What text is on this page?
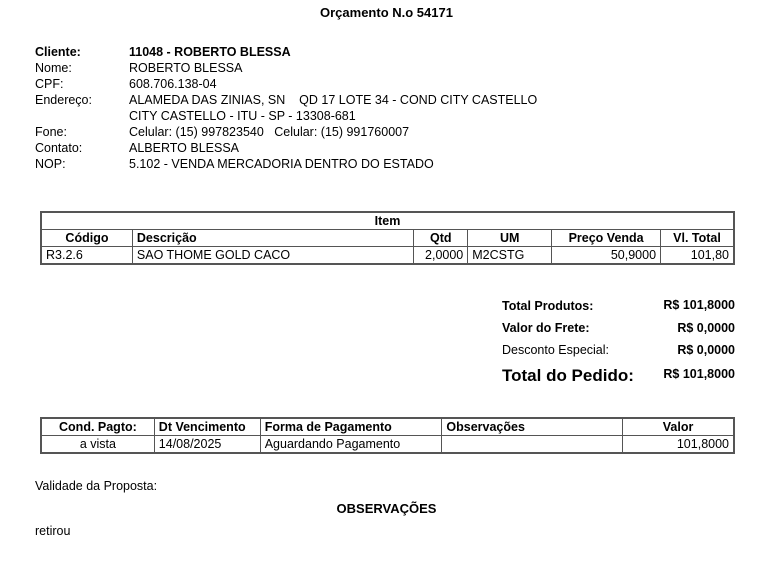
Orçamento N.o 54171
Cliente:	11048 - ROBERTO BLESSA
Nome:	ROBERTO BLESSA
CPF:	608.706.138-04
Endereço:	ALAMEDA DAS ZINIAS, SN    QD 17 LOTE 34 - COND CITY CASTELLO
CITY CASTELLO - ITU - SP - 13308-681
Fone:	Celular: (15) 997823540   Celular: (15) 991760007
Contato:	ALBERTO BLESSA
NOP:	5.102 - VENDA MERCADORIA DENTRO DO ESTADO
Item					
Código	Descrição	Qtd	UM	Preço Venda	Vl. Total
R3.2.6	SAO THOME GOLD CACO	2,0000	M2CSTG	50,9000	101,80
Total Produtos:	R$ 101,8000
Valor do Frete:	R$ 0,0000
Desconto Especial:	R$ 0,0000
Total do Pedido: R$ 101,8000
Cond. Pagto:	Dt Vencimento	Forma de Pagamento	Observações	Valor
a vista	14/08/2025	Aguardando Pagamento		101,8000
Validade da Proposta:
OBSERVAÇÕES
retirou
